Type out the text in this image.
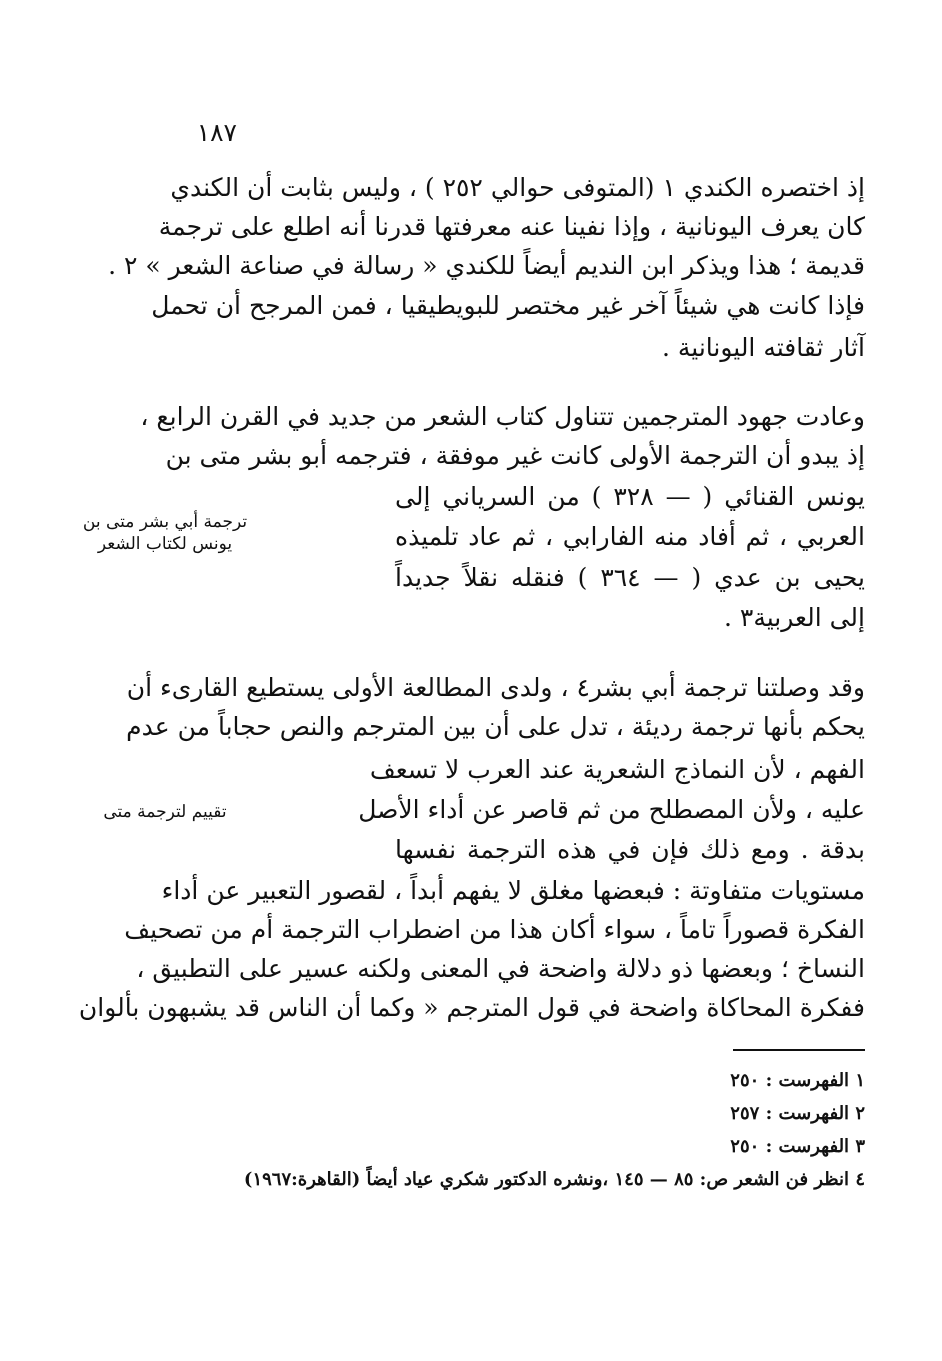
١٨٧
إذ اختصره الكندي ١ (المتوفى حوالي ٢٥٢ ) ، وليس بثابت أن الكندي
كان يعرف اليونانية ، وإذا نفينا عنه معرفتها قدرنا أنه اطلع على ترجمة
قديمة ؛ هذا ويذكر ابن النديم أيضاً للكندي « رسالة في صناعة الشعر » ٢ .
فإذا كانت هي شيئاً آخر غير مختصر للبويطيقيا ، فمن المرجح أن تحمل
آثار ثقافته اليونانية .
وعادت جهود المترجمين تتناول كتاب الشعر من جديد في القرن الرابع ،
إذ يبدو أن الترجمة الأولى كانت غير موفقة ، فترجمه أبو بشر متى بن
يونس القنائي ( — ٣٢٨ ) من السرياني إلى
العربي ، ثم أفاد منه الفارابي ، ثم عاد تلميذه
يحيى بن عدي ( — ٣٦٤ ) فنقله نقلاً جديداً
إلى العربية٣ .
ترجمة أبي بشر متى بن
يونس لكتاب الشعر
وقد وصلتنا ترجمة أبي بشر٤ ، ولدى المطالعة الأولى يستطيع القارىء أن
يحكم بأنها ترجمة رديئة ، تدل على أن بين المترجم والنص حجاباً من عدم
الفهم ، لأن النماذج الشعرية عند العرب لا تسعف
عليه ، ولأن المصطلح من ثم قاصر عن أداء الأصل
بدقة . ومع ذلك فإن في هذه الترجمة نفسها
تقييم لترجمة متى
مستويات متفاوتة : فبعضها مغلق لا يفهم أبداً ، لقصور التعبير عن أداء
الفكرة قصوراً تاماً ، سواء أكان هذا من اضطراب الترجمة أم من تصحيف
النساخ ؛ وبعضها ذو دلالة واضحة في المعنى ولكنه عسير على التطبيق ،
ففكرة المحاكاة واضحة في قول المترجم « وكما أن الناس قد يشبهون بألوان
١ الفهرست : ٢٥٠
٢ الفهرست : ٢٥٧
٣ الفهرست : ٢٥٠
٤ انظر فن الشعر ص: ٨٥ — ١٤٥ ،ونشره الدكتور شكري عياد أيضاً (القاهرة:١٩٦٧)
